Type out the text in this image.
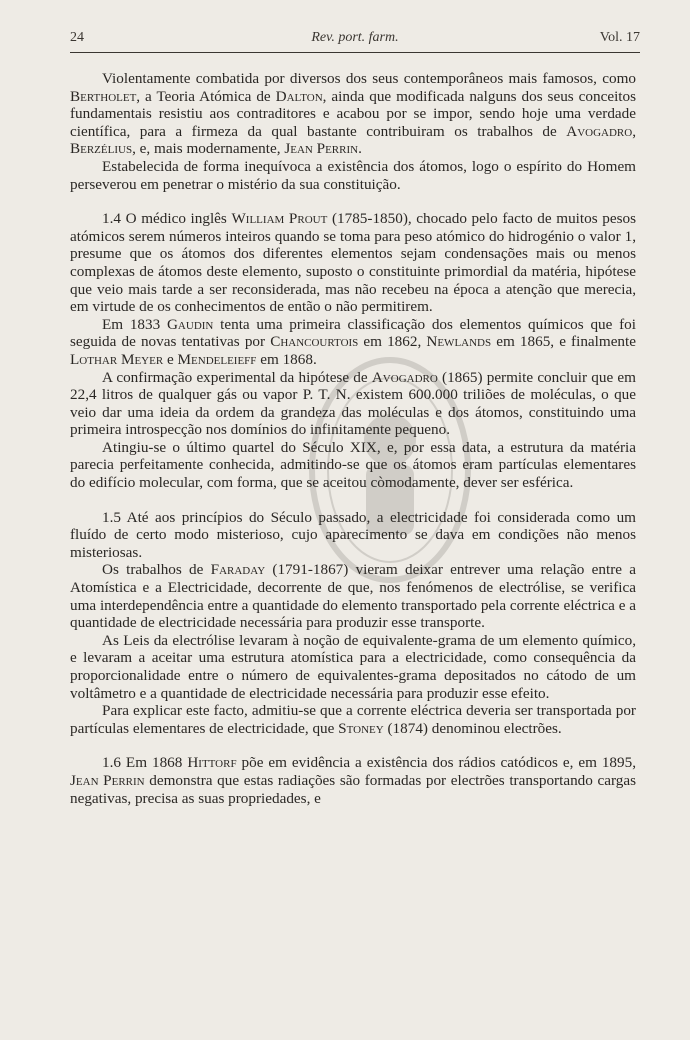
24	Rev. port. farm.	Vol. 17

Violentamente combatida por diversos dos seus contemporâneos mais famosos, como Bertholet, a Teoria Atómica de Dalton, ainda que modificada nalguns dos seus conceitos fundamentais resistiu aos contraditores e acabou por se impor, sendo hoje uma verdade científica, para a firmeza da qual bastante contribuiram os trabalhos de Avogadro, Berzélius, e, mais modernamente, Jean Perrin.

Estabelecida de forma inequívoca a existência dos átomos, logo o espírito do Homem perseverou em penetrar o mistério da sua constituição.

1.4 O médico inglês William Prout (1785-1850), chocado pelo facto de muitos pesos atómicos serem números inteiros quando se toma para peso atómico do hidrogénio o valor 1, presume que os átomos dos diferentes elementos sejam condensações mais ou menos complexas de átomos deste elemento, suposto o constituinte primordial da matéria, hipótese que veio mais tarde a ser reconsiderada, mas não recebeu na época a atenção que merecia, em virtude de os conhecimentos de então o não permitirem.

Em 1833 Gaudin tenta uma primeira classificação dos elementos químicos que foi seguida de novas tentativas por Chancourtois em 1862, Newlands em 1865, e finalmente Lothar Meyer e Mendeleieff em 1868.

A confirmação experimental da hipótese de Avogadro (1865) permite concluir que em 22,4 litros de qualquer gás ou vapor P. T. N. existem 600.000 triliões de moléculas, o que veio dar uma ideia da ordem da grandeza das moléculas e dos átomos, constituindo uma primeira introspecção nos domínios do infinitamente pequeno.

Atingiu-se o último quartel do Século XIX, e, por essa data, a estrutura da matéria parecia perfeitamente conhecida, admitindo-se que os átomos eram partículas elementares do edifício molecular, com forma, que se aceitou còmodamente, dever ser esférica.

1.5 Até aos princípios do Século passado, a electricidade foi considerada como um fluído de certo modo misterioso, cujo aparecimento se dava em condições não menos misteriosas.

Os trabalhos de Faraday (1791-1867) vieram deixar entrever uma relação entre a Atomística e a Electricidade, decorrente de que, nos fenómenos de electrólise, se verifica uma interdependência entre a quantidade do elemento transportado pela corrente eléctrica e a quantidade de electricidade necessária para produzir esse transporte.

As Leis da electrólise levaram à noção de equivalente-grama de um elemento químico, e levaram a aceitar uma estrutura atomística para a electricidade, como consequência da proporcionalidade entre o número de equivalentes-grama depositados no cátodo de um voltâmetro e a quantidade de electricidade necessária para produzir esse efeito.

Para explicar este facto, admitiu-se que a corrente eléctrica deveria ser transportada por partículas elementares de electricidade, que Stoney (1874) denominou electrões.

1.6 Em 1868 Hittorf põe em evidência a existência dos rádios catódicos e, em 1895, Jean Perrin demonstra que estas radiações são formadas por electrões transportando cargas negativas, precisa as suas propriedades, e
